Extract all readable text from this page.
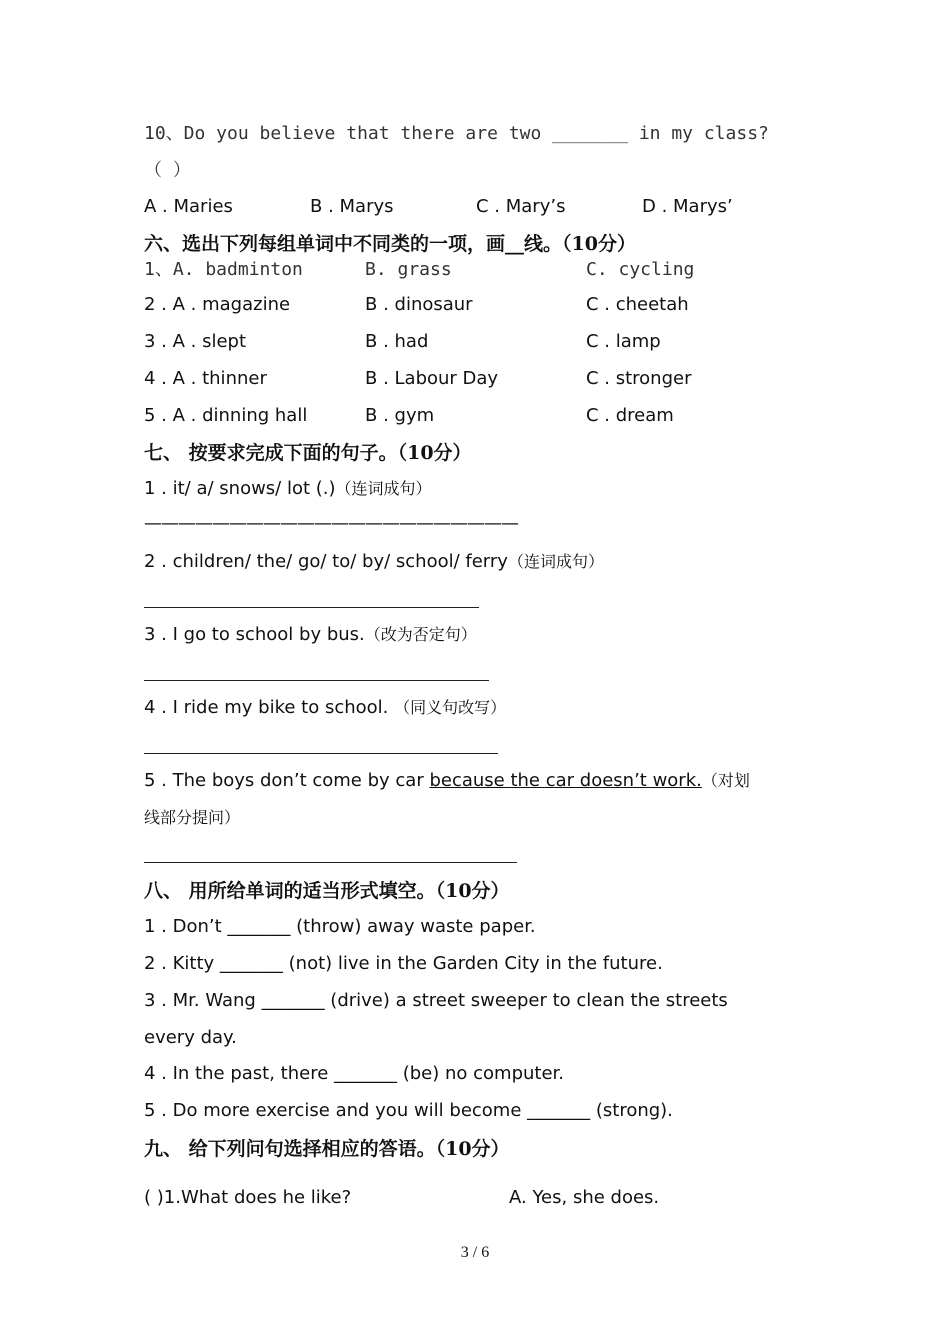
10、Do you believe that there are two _______ in my class?
（ ）
A . Maries	B . Marys	C . Mary’s	D . Marys’
六、选出下列每组单词中不同类的一项，画__线。（10分）
1、A. badminton	B. grass	C. cycling
2 . A . magazine	B . dinosaur	C . cheetah
3 . A . slept	B . had	C . lamp
4 . A . thinner	B . Labour Day	C . stronger
5 . A . dinning hall	B . gym	C . dream
七、 按要求完成下面的句子。（10分）
1 . it/ a/ snows/ lot (.)（连词成句）
——————————————————————
2 . children/ the/ go/ to/ by/ school/ ferry（连词成句）
3 . I go to school by bus.（改为否定句）
4 . I ride my bike to school. （同义句改写）
5 . The boys don’t come by car because the car doesn’t work.（对划
线部分提问）
八、 用所给单词的适当形式填空。（10分）
1 . Don’t _______ (throw) away waste paper.
2 . Kitty _______ (not) live in the Garden City in the future.
3 . Mr. Wang _______ (drive) a street sweeper to clean the streets
every day.
4 . In the past, there _______ (be) no computer.
5 . Do more exercise and you will become _______ (strong).
九、 给下列问句选择相应的答语。（10分）
( )1.What does he like?	A. Yes, she does.
3 / 6
